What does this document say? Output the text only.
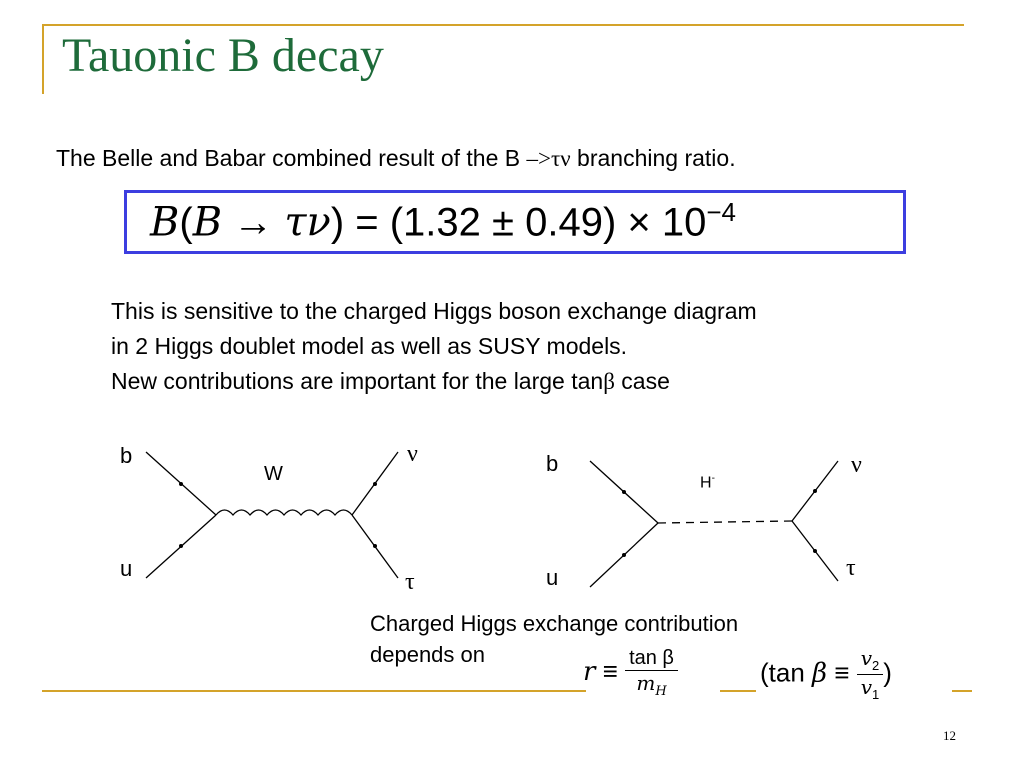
Tauonic B decay
The Belle and Babar combined result of the B –>τν branching ratio.
$B(B \to \tau\nu) = (1.32 \pm 0.49) \times 10^{-4}$
This is sensitive to the charged Higgs boson exchange diagram
in 2 Higgs doublet model as well as SUSY models.
New contributions are important for the large tanβ case
b
u
W
ν
τ
b
u
H-
ν
τ
Charged Higgs exchange contribution
depends on
$r \equiv \frac{\text{tan β}}{m_H}$	(tan $\beta \equiv \frac{v_2}{v_1}$ )
12
